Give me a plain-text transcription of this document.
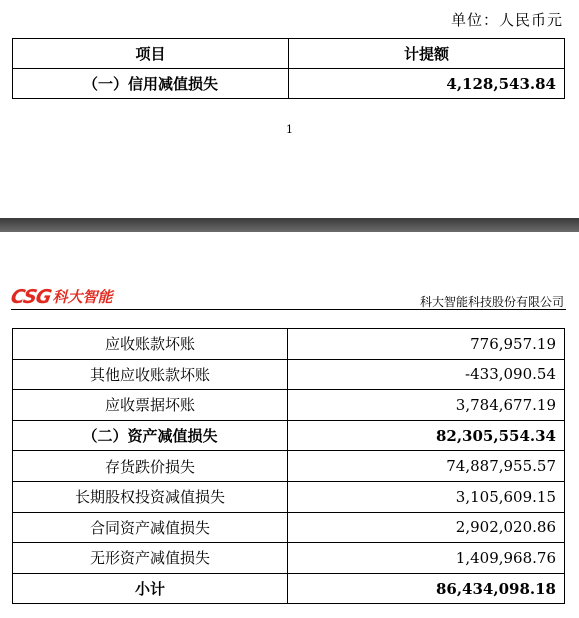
单位：人民币元
项目	计提额
（一）信用减值损失	4,128,543.84
1
CSG 科大智能	科大智能科技股份有限公司
应收账款坏账	776,957.19
其他应收账款坏账	-433,090.54
应收票据坏账	3,784,677.19
（二）资产减值损失	82,305,554.34
存货跌价损失	74,887,955.57
长期股权投资减值损失	3,105,609.15
合同资产减值损失	2,902,020.86
无形资产减值损失	1,409,968.76
小计	86,434,098.18
